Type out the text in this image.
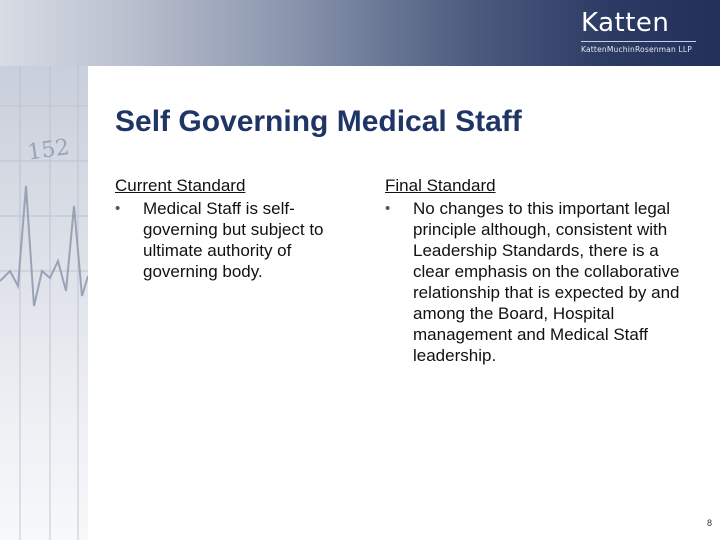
Katten
KattenMuchinRosenman LLP
152
Self Governing Medical Staff
Current Standard
• Medical Staff is self-governing but subject to ultimate authority of governing body.
Final Standard
• No changes to this important legal principle although, consistent with Leadership Standards, there is a clear emphasis on the collaborative relationship that is expected by and among the Board, Hospital management and Medical Staff leadership.
8
